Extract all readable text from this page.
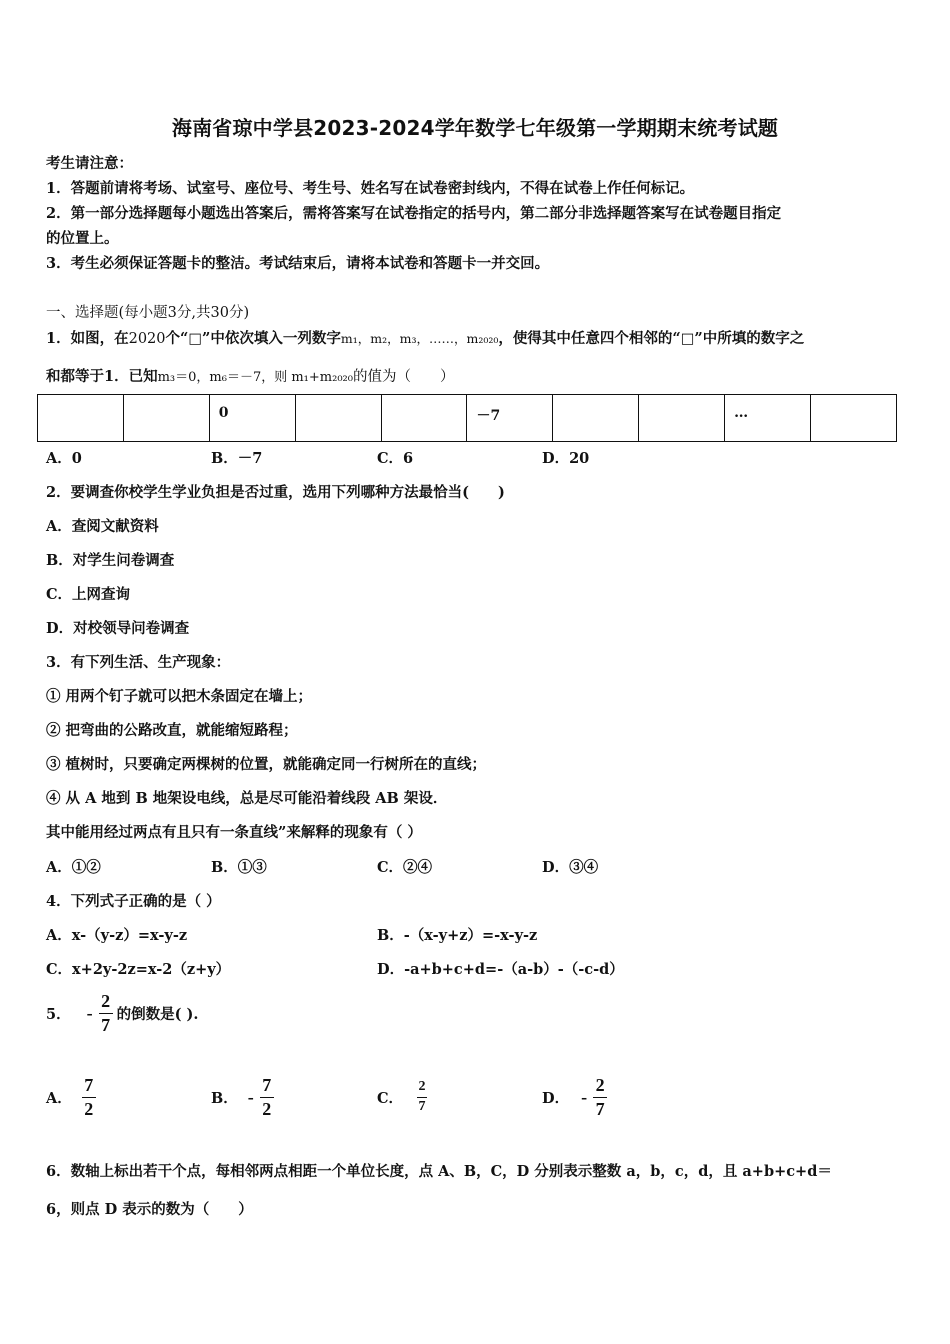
海南省琼中学县2023-2024学年数学七年级第一学期期末统考试题
考生请注意：
1．答题前请将考场、试室号、座位号、考生号、姓名写在试卷密封线内，不得在试卷上作任何标记。
2．第一部分选择题每小题选出答案后，需将答案写在试卷指定的括号内，第二部分非选择题答案写在试卷题目指定
的位置上。
3．考生必须保证答题卡的整洁。考试结束后，请将本试卷和答题卡一并交回。
一、选择题(每小题3分,共30分)
1．如图，在2020个“□”中依次填入一列数字m₁，m₂，m₃，……，m₂₀₂₀，使得其中任意四个相邻的“□”中所填的数字之
和都等于1．已知m₃＝0，m₆＝－7，则 m₁+m₂₀₂₀的值为（　　）
		0			－7			…	
A．0	B．－7	C．6	D．20
2．要调查你校学生学业负担是否过重，选用下列哪种方法最恰当(　　)
A．查阅文献资料
B．对学生问卷调查
C．上网查询
D．对校领导问卷调查
3．有下列生活、生产现象：
① 用两个钉子就可以把木条固定在墙上；
② 把弯曲的公路改直，就能缩短路程；
③ 植树时，只要确定两棵树的位置，就能确定同一行树所在的直线；
④ 从 A 地到 B 地架设电线，总是尽可能沿着线段 AB 架设．
其中能用经过两点有且只有一条直线”来解释的现象有（ ）
A．①②	B．①③	C．②④	D．③④
4．下列式子正确的是（ ）
A．x-（y-z）=x-y-z	B．-（x-y+z）=-x-y-z
C．x+2y-2z=x-2（z+y）	D．-a+b+c+d=-（a-b）-（-c-d）
5． - $\frac{2}{7}$ 的倒数是( ).
A． $\frac{7}{2}$	B． - $\frac{7}{2}$	C． $\frac{2}{7}$	D． - $\frac{2}{7}$
6．数轴上标出若干个点，每相邻两点相距一个单位长度，点 A、B，C，D 分别表示整数 a，b，c，d，且 a+b+c+d＝
6，则点 D 表示的数为（　　）
